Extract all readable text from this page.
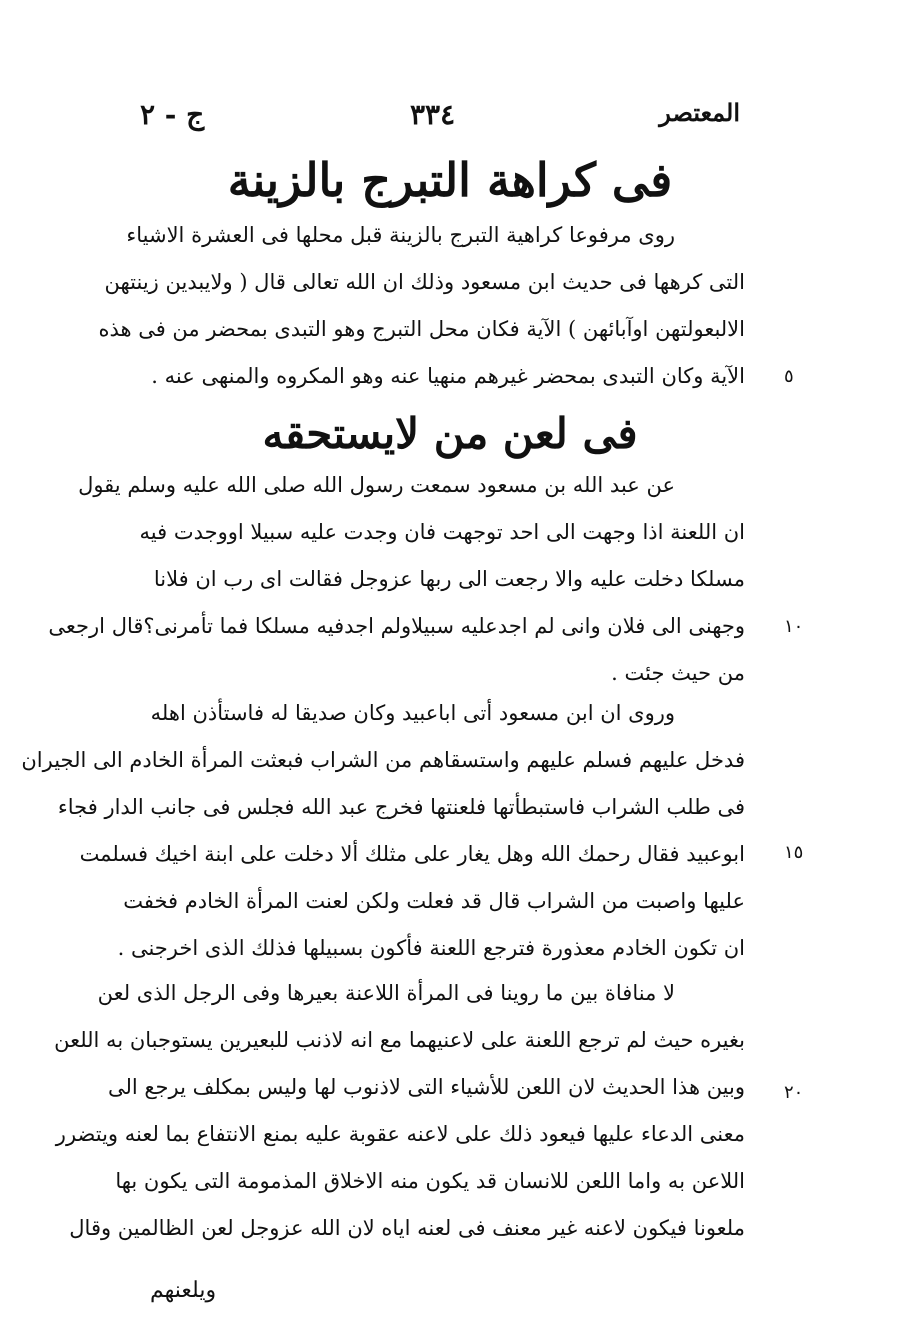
ج - ٢	٣٣٤	المعتصر
فى كراهة التبرج بالزينة
روى مرفوعا كراهية التبرج بالزينة قبل محلها فى العشرة الاشياء
التى كرهها فى حديث ابن مسعود وذلك ان الله تعالى قال ( ولايبدين زينتهن
الالبعولتهن اوآبائهن ) الآية فكان محل التبرج وهو التبدى بمحضر من فى هذه
الآية وكان التبدى بمحضر غيرهم منهيا عنه وهو المكروه والمنهى عنه .
فى لعن من لايستحقه
عن عبد الله بن مسعود سمعت رسول الله صلى الله عليه وسلم يقول
ان اللعنة اذا وجهت الى احد توجهت فان وجدت عليه سبيلا اووجدت فيه
مسلكا دخلت عليه والا رجعت الى ربها عزوجل فقالت اى رب ان فلانا
وجهنى الى فلان وانى لم اجدعليه سبيلاولم اجدفيه مسلكا فما تأمرنى؟قال ارجعى
من حيث جئت .
وروى ان ابن مسعود أتى اباعبيد وكان صديقا له فاستأذن اهله
فدخل عليهم فسلم عليهم واستسقاهم من الشراب فبعثت المرأة الخادم الى الجيران
فى طلب الشراب فاستبطأتها فلعنتها فخرج عبد الله فجلس فى جانب الدار فجاء
ابوعبيد فقال رحمك الله وهل يغار على مثلك ألا دخلت على ابنة اخيك فسلمت
عليها واصبت من الشراب قال قد فعلت ولكن لعنت المرأة الخادم فخفت
ان تكون الخادم معذورة فترجع اللعنة فأكون بسبيلها فذلك الذى اخرجنى .
لا منافاة بين ما روينا فى المرأة اللاعنة بعيرها وفى الرجل الذى لعن
بغيره حيث لم ترجع اللعنة على لاعنيهما مع انه لاذنب للبعيرين يستوجبان به اللعن
وبين هذا الحديث لان اللعن للأشياء التى لاذنوب لها وليس بمكلف يرجع الى
معنى الدعاء عليها فيعود ذلك على لاعنه عقوبة عليه بمنع الانتفاع بما لعنه ويتضرر
اللاعن به واما اللعن للانسان قد يكون منه الاخلاق المذمومة التى يكون بها
ملعونا فيكون لاعنه غير معنف فى لعنه اياه لان الله عزوجل لعن الظالمين وقال
٥
١٠
١٥
٢٠
ويلعنهم
